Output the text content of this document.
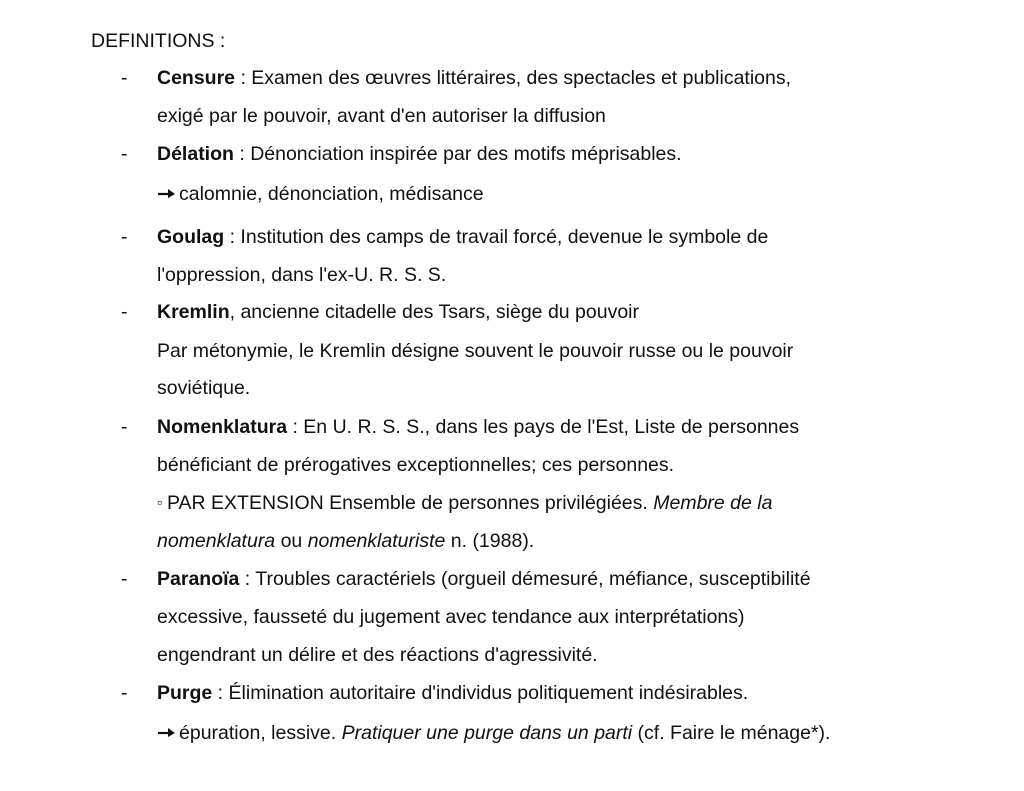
DEFINITIONS :
- Censure : Examen des œuvres littéraires, des spectacles et publications,
exigé par le pouvoir, avant d'en autoriser la diffusion
- Délation : Dénonciation inspirée par des motifs méprisables.
calomnie, dénonciation, médisance
- Goulag : Institution des camps de travail forcé, devenue le symbole de
l'oppression, dans l'ex-U. R. S. S.
- Kremlin, ancienne citadelle des Tsars, siège du pouvoir
Par métonymie, le Kremlin désigne souvent le pouvoir russe ou le pouvoir
soviétique.
- Nomenklatura : En U. R. S. S., dans les pays de l'Est, Liste de personnes
bénéficiant de prérogatives exceptionnelles; ces personnes.
▫ PAR EXTENSION Ensemble de personnes privilégiées. Membre de la
nomenklatura ou nomenklaturiste n. (1988).
- Paranoïa : Troubles caractériels (orgueil démesuré, méfiance, susceptibilité
excessive, fausseté du jugement avec tendance aux interprétations)
engendrant un délire et des réactions d'agressivité.
- Purge : Élimination autoritaire d'individus politiquement indésirables.
épuration, lessive. Pratiquer une purge dans un parti (cf. Faire le ménage*).
